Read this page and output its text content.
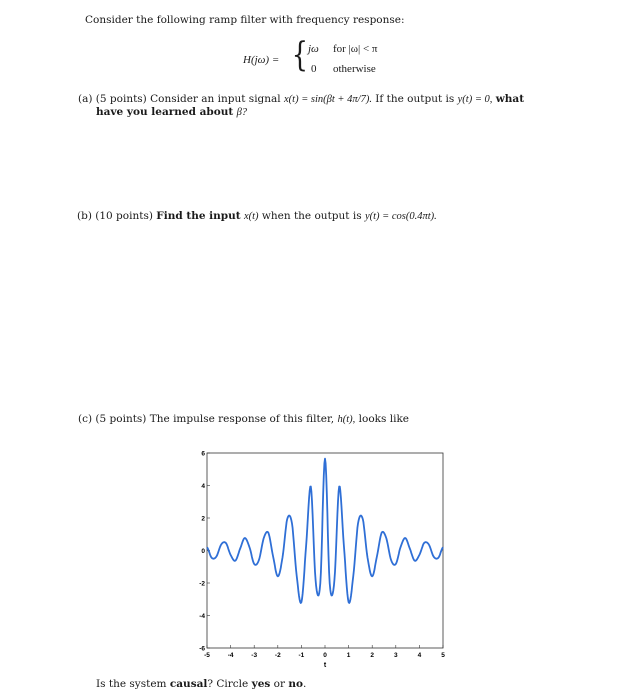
Consider the following ramp filter with frequency response:
H(jω) = { jω for |ω| < π
0 otherwise
(a) (5 points) Consider an input signal x(t) = sin(βt + 4π/7). If the output is y(t) = 0, what
have you learned about β?
(b) (10 points) Find the input x(t) when the output is y(t) = cos(0.4πt).
(c) (5 points) The impulse response of this filter, h(t), looks like
-5	-4	-3	-2	-1	0	1	2	3	4	5
6
4
2
0
-2
-4
-6
t
Is the system causal? Circle yes or no.
